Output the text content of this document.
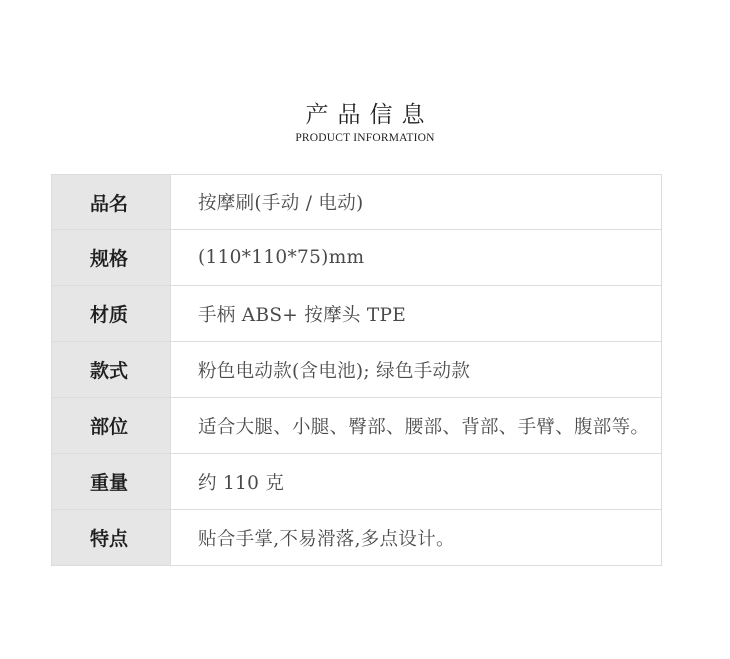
产品信息
PRODUCT INFORMATION
品名	按摩刷(手动 / 电动)
规格	(110*110*75)mm
材质	手柄 ABS+ 按摩头 TPE
款式	粉色电动款(含电池); 绿色手动款
部位	适合大腿、小腿、臀部、腰部、背部、手臂、腹部等。
重量	约 110 克
特点	贴合手掌,不易滑落,多点设计。
